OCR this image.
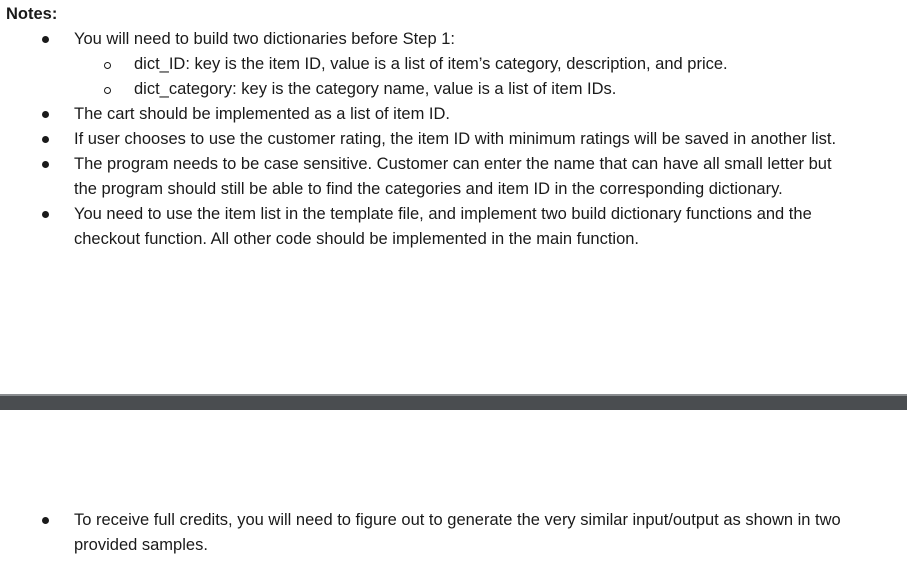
Notes:

You will need to build two dictionaries before Step 1:
dict_ID: key is the item ID, value is a list of item’s category, description, and price.
dict_category: key is the category name, value is a list of item IDs.
The cart should be implemented as a list of item ID.
If user chooses to use the customer rating, the item ID with minimum ratings will be saved in another list.
The program needs to be case sensitive. Customer can enter the name that can have all small letter but the program should still be able to find the categories and item ID in the corresponding dictionary.
You need to use the item list in the template file, and implement two build dictionary functions and the checkout function. All other code should be implemented in the main function.
To receive full credits, you will need to figure out to generate the very similar input/output as shown in two provided samples.
